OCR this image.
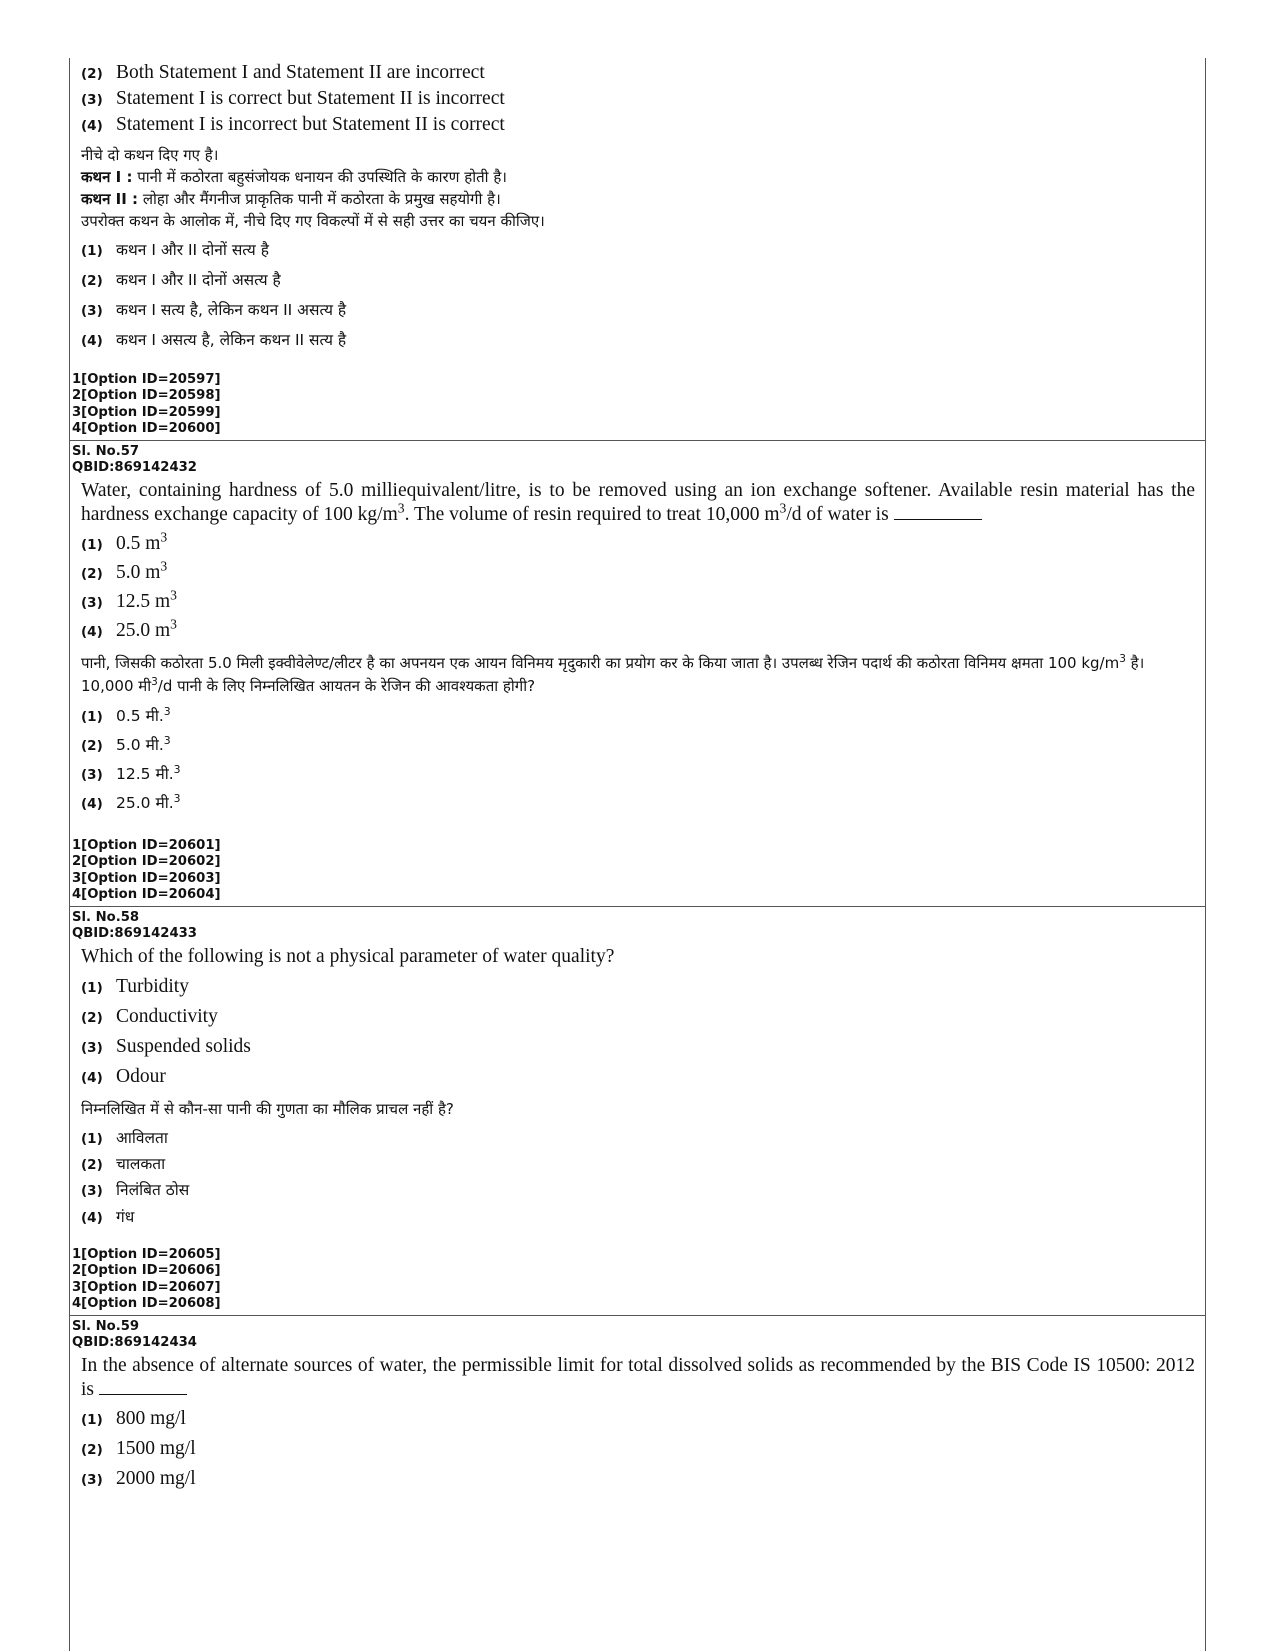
(2) Both Statement I and Statement II are incorrect
(3) Statement I is correct but Statement II is incorrect
(4) Statement I is incorrect but Statement II is correct

नीचे दो कथन दिए गए है।

कथन I : पानी में कठोरता बहुसंजोयक धनायन की उपस्थिति के कारण होती है।

कथन II : लोहा और मैंगनीज प्राकृतिक पानी में कठोरता के प्रमुख सहयोगी है।

उपरोक्त कथन के आलोक में, नीचे दिए गए विकल्पों में से सही उत्तर का चयन कीजिए।

(1) कथन I और II दोनों सत्य है
(2) कथन I और II दोनों असत्य है
(3) कथन I सत्य है, लेकिन कथन II असत्य है
(4) कथन I असत्य है, लेकिन कथन II सत्य है
1[Option ID=20597]
2[Option ID=20598]
3[Option ID=20599]
4[Option ID=20600]

Sl. No.57

QBID:869142432

Water, containing hardness of 5.0 milliequivalent/litre, is to be removed using an ion exchange softener. Available resin material has the hardness exchange capacity of 100 $kg/m^3$. The volume of resin required to treat 10,000 $m^3/d$ of water is

(1) 0.5 $m^3$
(2) 5.0 $m^3$
(3) 12.5 $m^3$
(4) 25.0 $m^3$

पानी, जिसकी कठोरता 5.0 मिली इक्वीवेलेण्ट/लीटर है का अपनयन एक आयन विनिमय मृदुकारी का प्रयोग कर के किया जाता है। उपलब्ध रेजिन पदार्थ की कठोरता विनिमय क्षमता 100 $kg/m^3$ है। 10,000 मी$^3$/d पानी के लिए निम्नलिखित आयतन के रेजिन की आवश्यकता होगी?

(1) 0.5 मी.$^3$
(2) 5.0 मी.$^3$
(3) 12.5 मी.$^3$
(4) 25.0 मी.$^3$
1[Option ID=20601]
2[Option ID=20602]
3[Option ID=20603]
4[Option ID=20604]

Sl. No.58

QBID:869142433

Which of the following is not a physical parameter of water quality?

(1) Turbidity
(2) Conductivity
(3) Suspended solids
(4) Odour

निम्नलिखित में से कौन-सा पानी की गुणता का मौलिक प्राचल नहीं है?

(1) आविलता
(2) चालकता
(3) निलंबित ठोस
(4) गंध
1[Option ID=20605]
2[Option ID=20606]
3[Option ID=20607]
4[Option ID=20608]

Sl. No.59

QBID:869142434

In the absence of alternate sources of water, the permissible limit for total dissolved solids as recommended by the BIS Code IS 10500: 2012 is

(1) 800 mg/l
(2) 1500 mg/l
(3) 2000 mg/l
